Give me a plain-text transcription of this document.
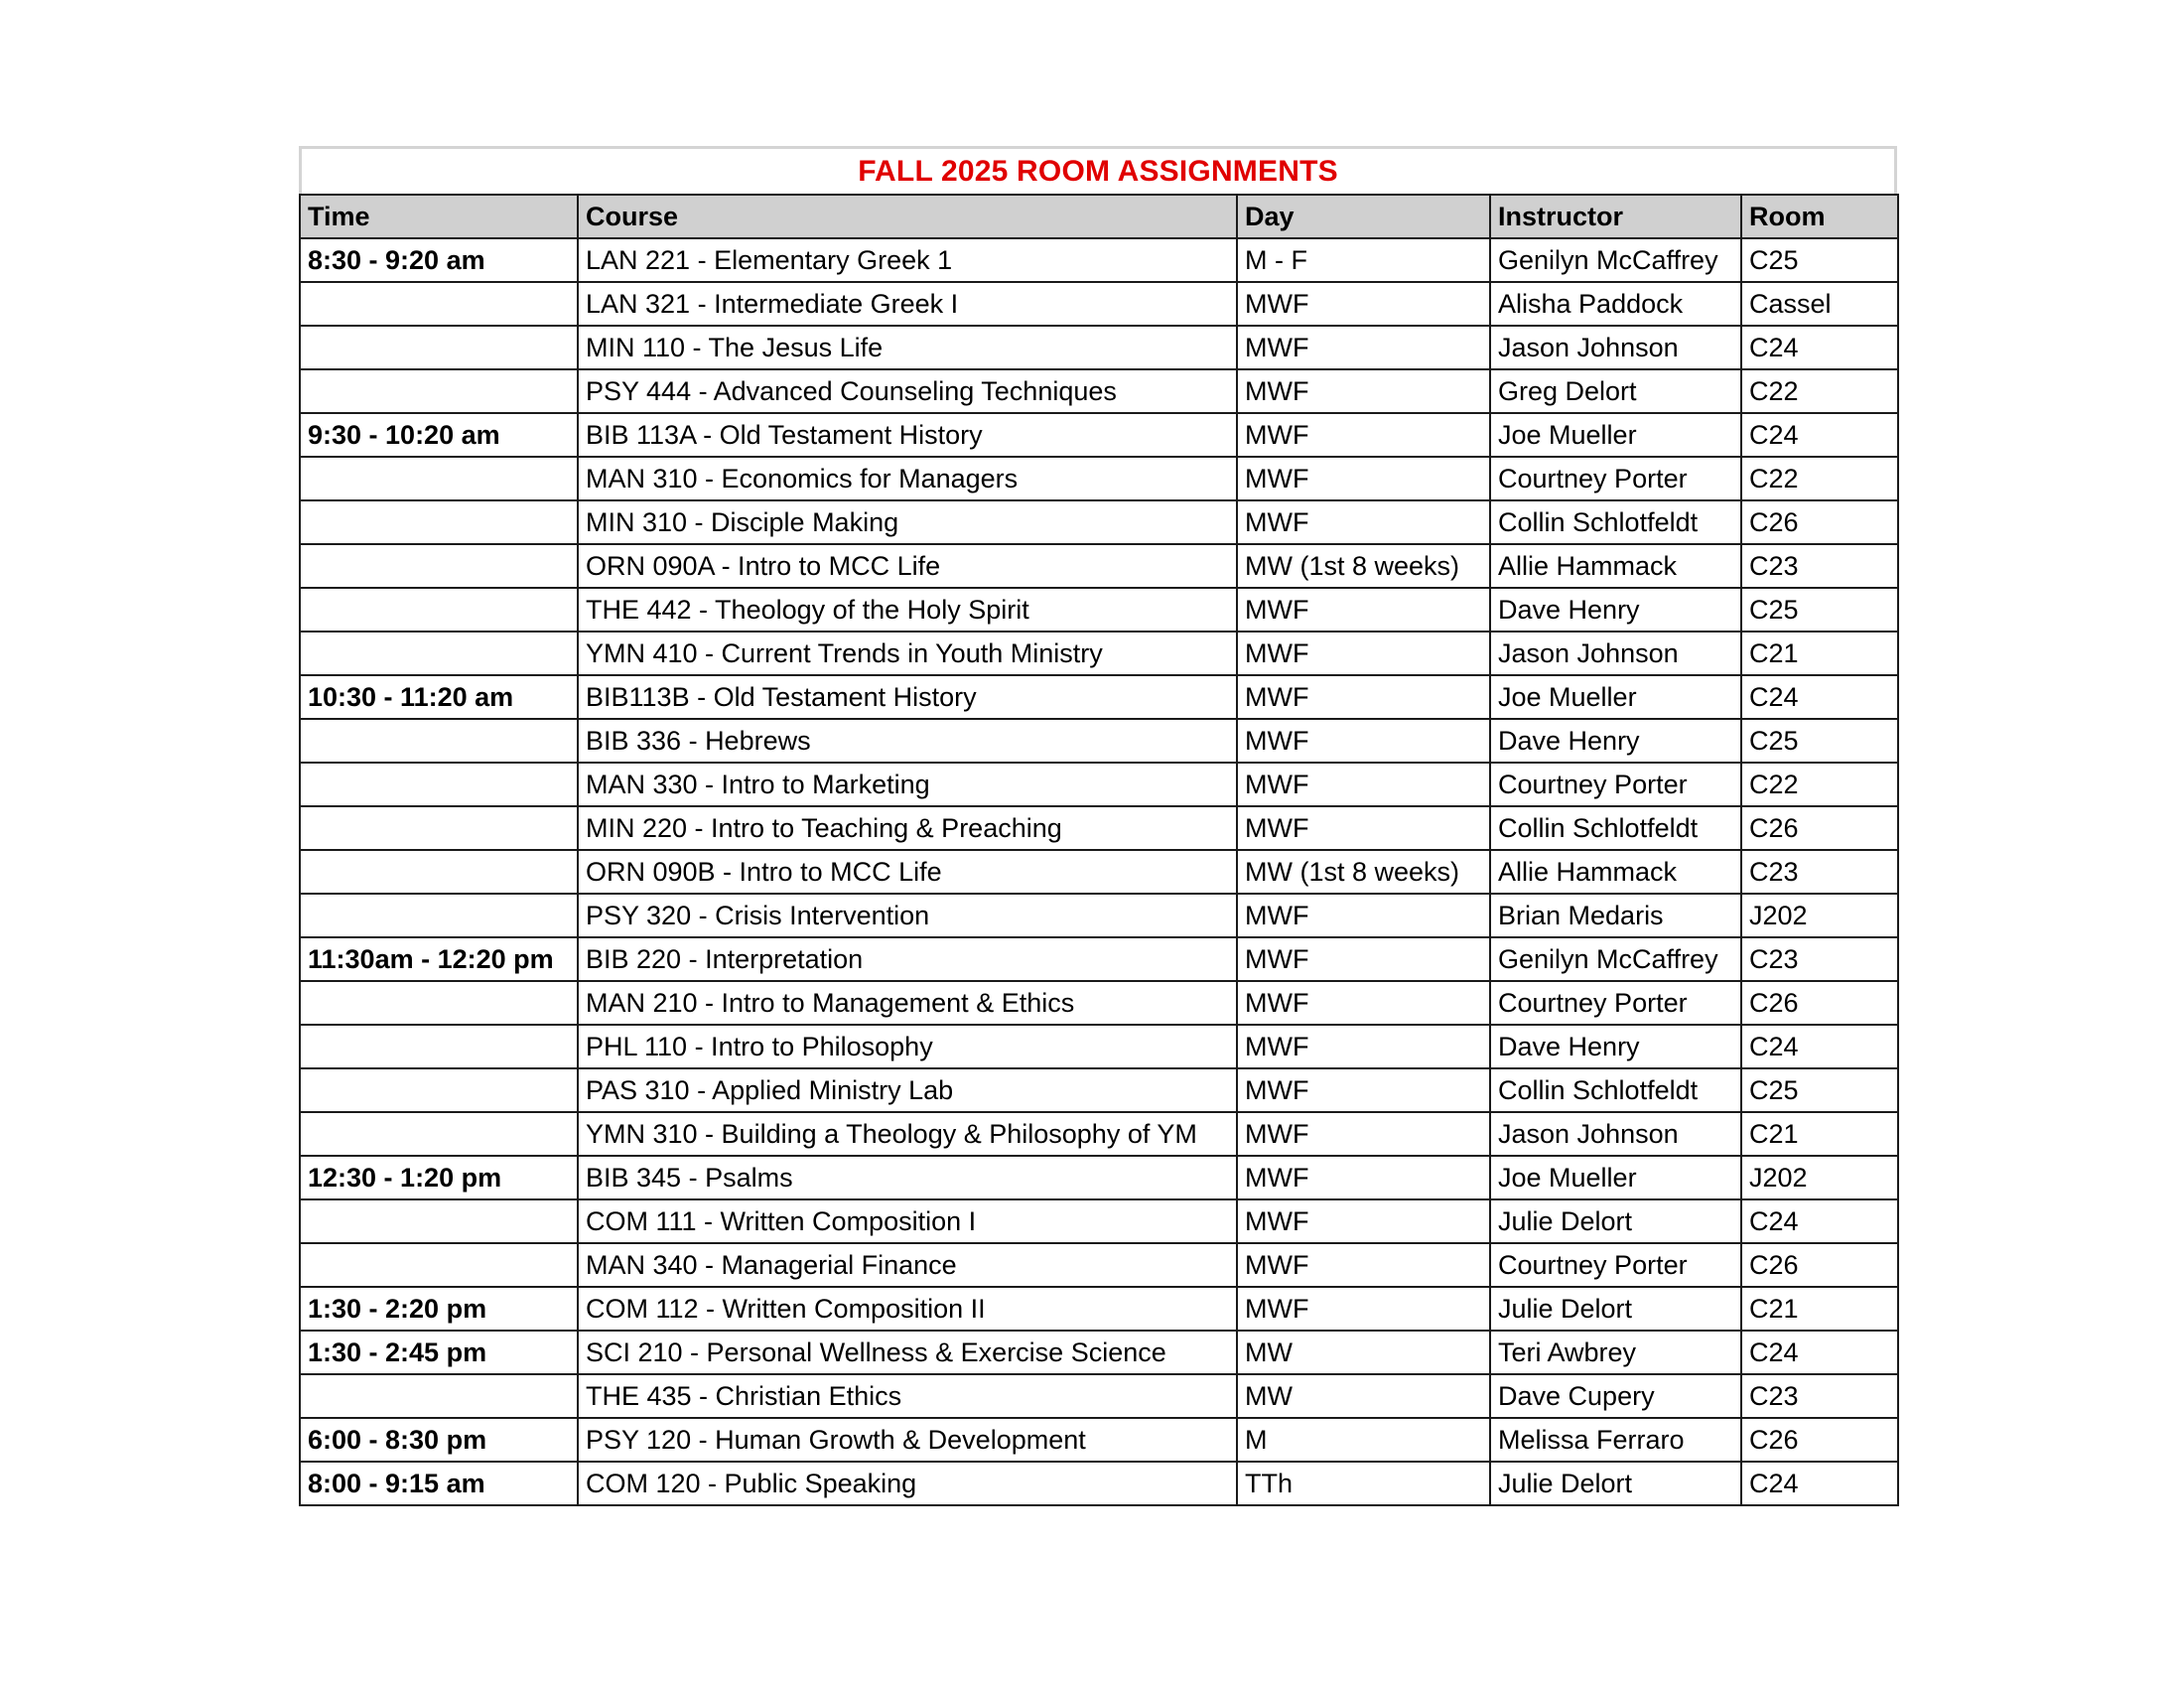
FALL 2025 ROOM ASSIGNMENTS
Time	Course	Day	Instructor	Room
8:30 - 9:20 am	LAN 221 - Elementary Greek 1	M - F	Genilyn McCaffrey	C25
	LAN 321 - Intermediate Greek I	MWF	Alisha Paddock	Cassel
	MIN 110 - The Jesus Life	MWF	Jason Johnson	C24
	PSY 444 - Advanced Counseling Techniques	MWF	Greg Delort	C22
9:30 - 10:20 am	BIB 113A - Old Testament History	MWF	Joe Mueller	C24
	MAN 310 - Economics for Managers	MWF	Courtney Porter	C22
	MIN 310 - Disciple Making	MWF	Collin Schlotfeldt	C26
	ORN 090A - Intro to MCC Life	MW (1st 8 weeks)	Allie Hammack	C23
	THE 442 - Theology of the Holy Spirit	MWF	Dave Henry	C25
	YMN 410 - Current Trends in Youth Ministry	MWF	Jason Johnson	C21
10:30 - 11:20 am	BIB113B - Old Testament History	MWF	Joe Mueller	C24
	BIB 336 - Hebrews	MWF	Dave Henry	C25
	MAN 330 - Intro to Marketing	MWF	Courtney Porter	C22
	MIN 220 - Intro to Teaching & Preaching	MWF	Collin Schlotfeldt	C26
	ORN 090B - Intro to MCC Life	MW (1st 8 weeks)	Allie Hammack	C23
	PSY 320 - Crisis Intervention	MWF	Brian Medaris	J202
11:30am - 12:20 pm	BIB 220 - Interpretation	MWF	Genilyn McCaffrey	C23
	MAN 210 - Intro to Management & Ethics	MWF	Courtney Porter	C26
	PHL 110 - Intro to Philosophy	MWF	Dave Henry	C24
	PAS 310 - Applied Ministry Lab	MWF	Collin Schlotfeldt	C25
	YMN 310 - Building a Theology & Philosophy of YM	MWF	Jason Johnson	C21
12:30 - 1:20 pm	BIB 345 - Psalms	MWF	Joe Mueller	J202
	COM 111 - Written Composition I	MWF	Julie Delort	C24
	MAN 340 - Managerial Finance	MWF	Courtney Porter	C26
1:30 - 2:20 pm	COM 112 - Written Composition II	MWF	Julie Delort	C21
1:30 - 2:45 pm	SCI 210 - Personal Wellness & Exercise Science	MW	Teri Awbrey	C24
	THE 435 - Christian Ethics	MW	Dave Cupery	C23
6:00 - 8:30 pm	PSY 120 - Human Growth & Development	M	Melissa Ferraro	C26
8:00 - 9:15 am	COM 120 - Public Speaking	TTh	Julie Delort	C24
